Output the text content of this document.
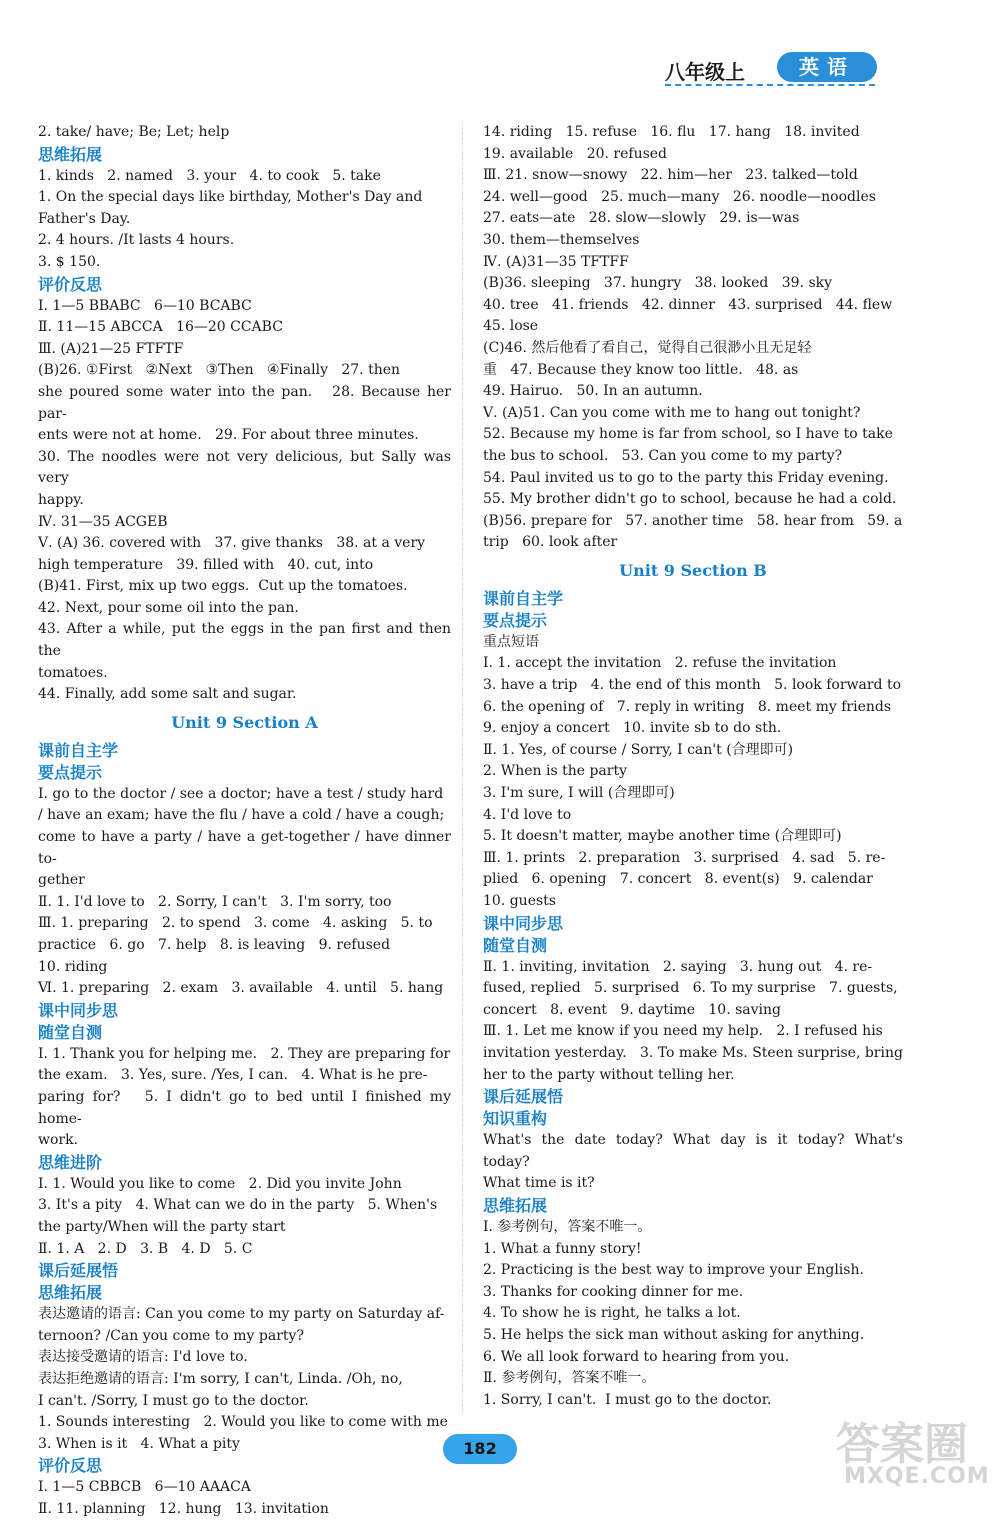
八年级上	英语
2. take/ have; Be; Let; help
思维拓展
1. kinds   2. named   3. your   4. to cook   5. take
1. On the special days like birthday, Mother's Day and
Father's Day.
2. 4 hours. /It lasts 4 hours.
3. $ 150.
评价反思
Ⅰ. 1—5 BBABC   6—10 BCABC
Ⅱ. 11—15 ABCCA   16—20 CCABC
Ⅲ. (A)21—25 FTFTF
(B)26. ①First   ②Next   ③Then   ④Finally   27. then
she poured some water into the pan.   28. Because her par-
ents were not at home.   29. For about three minutes.
30. The noodles were not very delicious, but Sally was very
happy.
Ⅳ. 31—35 ACGEB
Ⅴ. (A) 36. covered with   37. give thanks   38. at a very
high temperature   39. filled with   40. cut, into
(B)41. First, mix up two eggs.  Cut up the tomatoes.
42. Next, pour some oil into the pan.
43. After a while, put the eggs in the pan first and then the
tomatoes.
44. Finally, add some salt and sugar.
Unit 9 Section A
课前自主学
要点提示
Ⅰ. go to the doctor / see a doctor; have a test / study hard
/ have an exam; have the flu / have a cold / have a cough;
come to have a party / have a get-together / have dinner to-
gether
Ⅱ. 1. I'd love to   2. Sorry, I can't   3. I'm sorry, too
Ⅲ. 1. preparing   2. to spend   3. come   4. asking   5. to
practice   6. go   7. help   8. is leaving   9. refused
10. riding
Ⅵ. 1. preparing   2. exam   3. available   4. until   5. hang
课中同步思
随堂自测
Ⅰ. 1. Thank you for helping me.   2. They are preparing for
the exam.   3. Yes, sure. /Yes, I can.   4. What is he pre-
paring for?   5. I didn't go to bed until I finished my home-
work.
思维进阶
Ⅰ. 1. Would you like to come   2. Did you invite John
3. It's a pity   4. What can we do in the party   5. When's
the party/When will the party start
Ⅱ. 1. A   2. D   3. B   4. D   5. C
课后延展悟
思维拓展
表达邀请的语言: Can you come to my party on Saturday af-
ternoon? /Can you come to my party?
表达接受邀请的语言: I'd love to.
表达拒绝邀请的语言: I'm sorry, I can't, Linda. /Oh, no,
I can't. /Sorry, I must go to the doctor.
1. Sounds interesting   2. Would you like to come with me
3. When is it   4. What a pity
评价反思
Ⅰ. 1—5 CBBCB   6—10 AAACA
Ⅱ. 11. planning   12. hung   13. invitation
14. riding   15. refuse   16. flu   17. hang   18. invited
19. available   20. refused
Ⅲ. 21. snow—snowy   22. him—her   23. talked—told
24. well—good   25. much—many   26. noodle—noodles
27. eats—ate   28. slow—slowly   29. is—was
30. them—themselves
Ⅳ. (A)31—35 TFTFF
(B)36. sleeping   37. hungry   38. looked   39. sky
40. tree   41. friends   42. dinner   43. surprised   44. flew
45. lose
(C)46. 然后他看了看自己，觉得自己很渺小且无足轻
重   47. Because they know too little.   48. as
49. Hairuo.   50. In an autumn.
Ⅴ. (A)51. Can you come with me to hang out tonight?
52. Because my home is far from school, so I have to take
the bus to school.   53. Can you come to my party?
54. Paul invited us to go to the party this Friday evening.
55. My brother didn't go to school, because he had a cold.
(B)56. prepare for   57. another time   58. hear from   59. a
trip   60. look after
Unit 9 Section B
课前自主学
要点提示
重点短语
Ⅰ. 1. accept the invitation   2. refuse the invitation
3. have a trip   4. the end of this month   5. look forward to
6. the opening of   7. reply in writing   8. meet my friends
9. enjoy a concert   10. invite sb to do sth.
Ⅱ. 1. Yes, of course / Sorry, I can't (合理即可)
2. When is the party
3. I'm sure, I will (合理即可)
4. I'd love to
5. It doesn't matter, maybe another time (合理即可)
Ⅲ. 1. prints   2. preparation   3. surprised   4. sad   5. re-
plied   6. opening   7. concert   8. event(s)   9. calendar
10. guests
课中同步思
随堂自测
Ⅱ. 1. inviting, invitation   2. saying   3. hung out   4. re-
fused, replied   5. surprised   6. To my surprise   7. guests,
concert   8. event   9. daytime   10. saving
Ⅲ. 1. Let me know if you need my help.   2. I refused his
invitation yesterday.   3. To make Ms. Steen surprise, bring
her to the party without telling her.
课后延展悟
知识重构
What's the date today? What day is it today? What's today?
What time is it?
思维拓展
Ⅰ. 参考例句，答案不唯一。
1. What a funny story!
2. Practicing is the best way to improve your English.
3. Thanks for cooking dinner for me.
4. To show he is right, he talks a lot.
5. He helps the sick man without asking for anything.
6. We all look forward to hearing from you.
Ⅱ. 参考例句，答案不唯一。
1. Sorry, I can't.  I must go to the doctor.
182	答案圈
MXQE.COM
